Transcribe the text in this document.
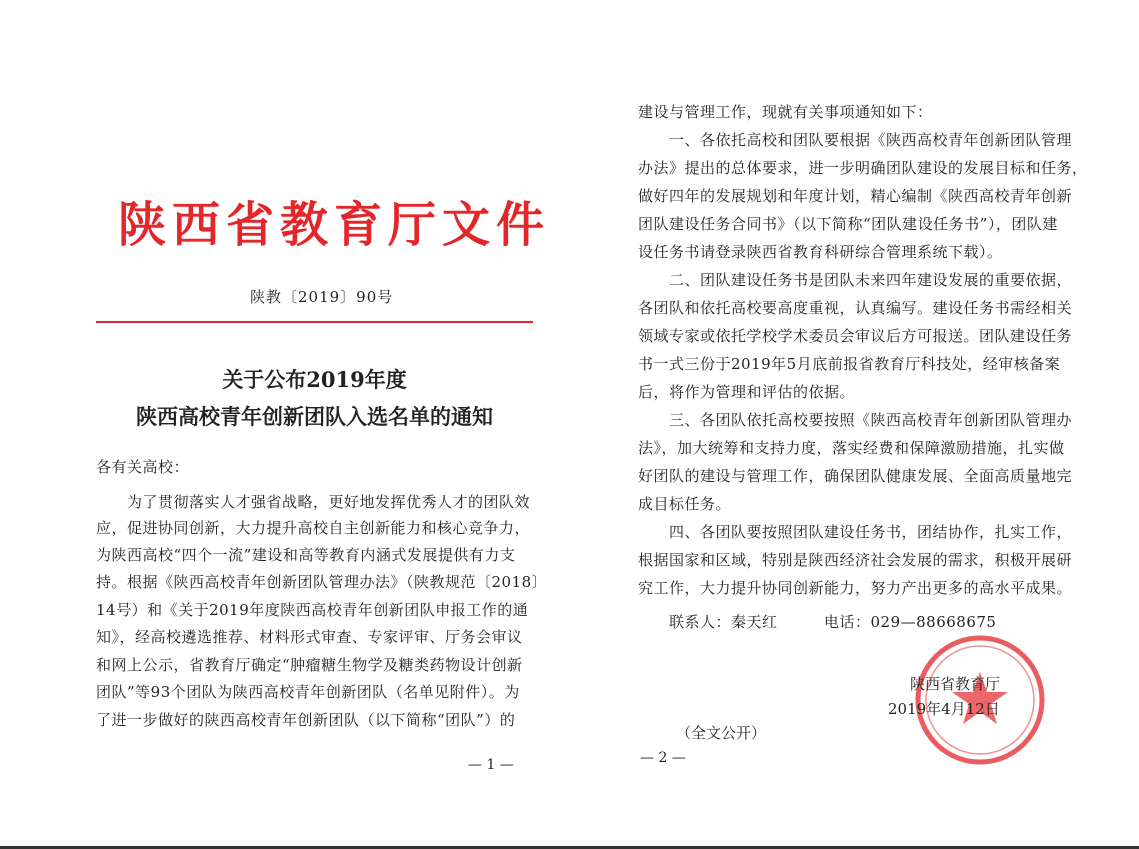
陕西省教育厅文件
陕教〔2019〕90号
关于公布2019年度
陕西高校青年创新团队入选名单的通知
各有关高校：
　　为了贯彻落实人才强省战略，更好地发挥优秀人才的团队效
应，促进协同创新，大力提升高校自主创新能力和核心竞争力，
为陕西高校“四个一流”建设和高等教育内涵式发展提供有力支
持。根据《陕西高校青年创新团队管理办法》（陕教规范〔2018〕
14号）和《关于2019年度陕西高校青年创新团队申报工作的通
知》，经高校遴选推荐、材料形式审查、专家评审、厅务会审议
和网上公示，省教育厅确定“肿瘤糖生物学及糖类药物设计创新
团队”等93个团队为陕西高校青年创新团队（名单见附件）。为
了进一步做好的陕西高校青年创新团队（以下简称“团队”）的
— 1 —
建设与管理工作，现就有关事项通知如下：
　　一、各依托高校和团队要根据《陕西高校青年创新团队管理
办法》提出的总体要求，进一步明确团队建设的发展目标和任务，
做好四年的发展规划和年度计划，精心编制《陕西高校青年创新
团队建设任务合同书》（以下简称“团队建设任务书”），团队建
设任务书请登录陕西省教育科研综合管理系统下载）。
　　二、团队建设任务书是团队未来四年建设发展的重要依据，
各团队和依托高校要高度重视，认真编写。建设任务书需经相关
领域专家或依托学校学术委员会审议后方可报送。团队建设任务
书一式三份于2019年5月底前报省教育厅科技处，经审核备案
后，将作为管理和评估的依据。
　　三、各团队依托高校要按照《陕西高校青年创新团队管理办
法》，加大统筹和支持力度，落实经费和保障激励措施，扎实做
好团队的建设与管理工作，确保团队健康发展、全面高质量地完
成目标任务。
　　四、各团队要按照团队建设任务书，团结协作，扎实工作，
根据国家和区域，特别是陕西经济社会发展的需求，积极开展研
究工作，大力提升协同创新能力，努力产出更多的高水平成果。
　　联系人：秦天红　　　电话：029—88668675
— 2 —
陕西省教育厅
2019年4月12日
（全文公开）
